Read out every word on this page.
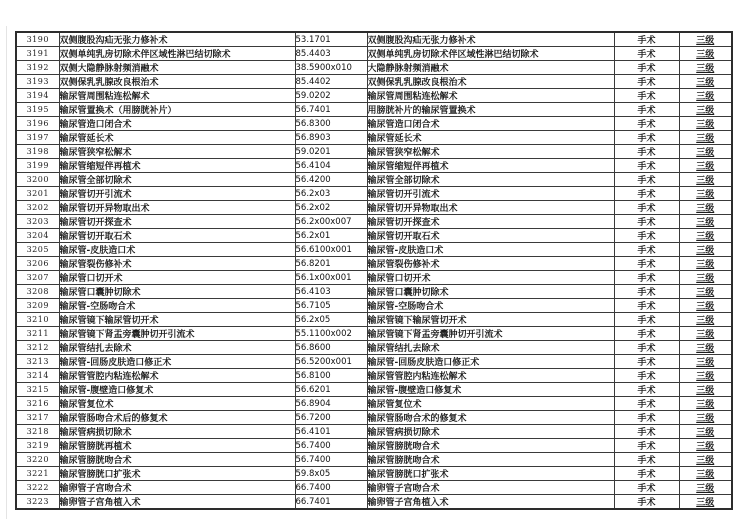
3190	双侧腹股沟疝无张力修补术	53.1701	双侧腹股沟疝无张力修补术	手术	三级
3191	双侧单纯乳房切除术伴区域性淋巴结切除术	85.4403	双侧单纯乳房切除术伴区域性淋巴结切除术	手术	三级
3192	双侧大隐静脉射频消融术	38.5900x010	大隐静脉射频消融术	手术	三级
3193	双侧保乳乳腺改良根治术	85.4402	双侧保乳乳腺改良根治术	手术	三级
3194	输尿管周围粘连松解术	59.0202	输尿管周围粘连松解术	手术	三级
3195	输尿管置换术（用膀胱补片）	56.7401	用膀胱补片的输尿管置换术	手术	三级
3196	输尿管造口闭合术	56.8300	输尿管造口闭合术	手术	三级
3197	输尿管延长术	56.8903	输尿管延长术	手术	三级
3198	输尿管狭窄松解术	59.0201	输尿管狭窄松解术	手术	三级
3199	输尿管缩短伴再植术	56.4104	输尿管缩短伴再植术	手术	三级
3200	输尿管全部切除术	56.4200	输尿管全部切除术	手术	三级
3201	输尿管切开引流术	56.2x03	输尿管切开引流术	手术	三级
3202	输尿管切开异物取出术	56.2x02	输尿管切开异物取出术	手术	三级
3203	输尿管切开探查术	56.2x00x007	输尿管切开探查术	手术	三级
3204	输尿管切开取石术	56.2x01	输尿管切开取石术	手术	三级
3205	输尿管-皮肤造口术	56.6100x001	输尿管-皮肤造口术	手术	三级
3206	输尿管裂伤修补术	56.8201	输尿管裂伤修补术	手术	三级
3207	输尿管口切开术	56.1x00x001	输尿管口切开术	手术	三级
3208	输尿管口囊肿切除术	56.4103	输尿管口囊肿切除术	手术	三级
3209	输尿管-空肠吻合术	56.7105	输尿管-空肠吻合术	手术	三级
3210	输尿管镜下输尿管切开术	56.2x05	输尿管镜下输尿管切开术	手术	三级
3211	输尿管镜下肾盂旁囊肿切开引流术	55.1100x002	输尿管镜下肾盂旁囊肿切开引流术	手术	三级
3212	输尿管结扎去除术	56.8600	输尿管结扎去除术	手术	三级
3213	输尿管-回肠皮肤造口修正术	56.5200x001	输尿管-回肠皮肤造口修正术	手术	三级
3214	输尿管管腔内粘连松解术	56.8100	输尿管管腔内粘连松解术	手术	三级
3215	输尿管-腹壁造口修复术	56.6201	输尿管-腹壁造口修复术	手术	三级
3216	输尿管复位术	56.8904	输尿管复位术	手术	三级
3217	输尿管肠吻合术后的修复术	56.7200	输尿管肠吻合术的修复术	手术	三级
3218	输尿管病损切除术	56.4101	输尿管病损切除术	手术	三级
3219	输尿管膀胱再植术	56.7400	输尿管膀胱吻合术	手术	三级
3220	输尿管膀胱吻合术	56.7400	输尿管膀胱吻合术	手术	三级
3221	输尿管膀胱口扩张术	59.8x05	输尿管膀胱口扩张术	手术	三级
3222	输卵管子宫吻合术	66.7400	输卵管子宫吻合术	手术	三级
3223	输卵管子宫角植入术	66.7401	输卵管子宫角植入术	手术	三级
